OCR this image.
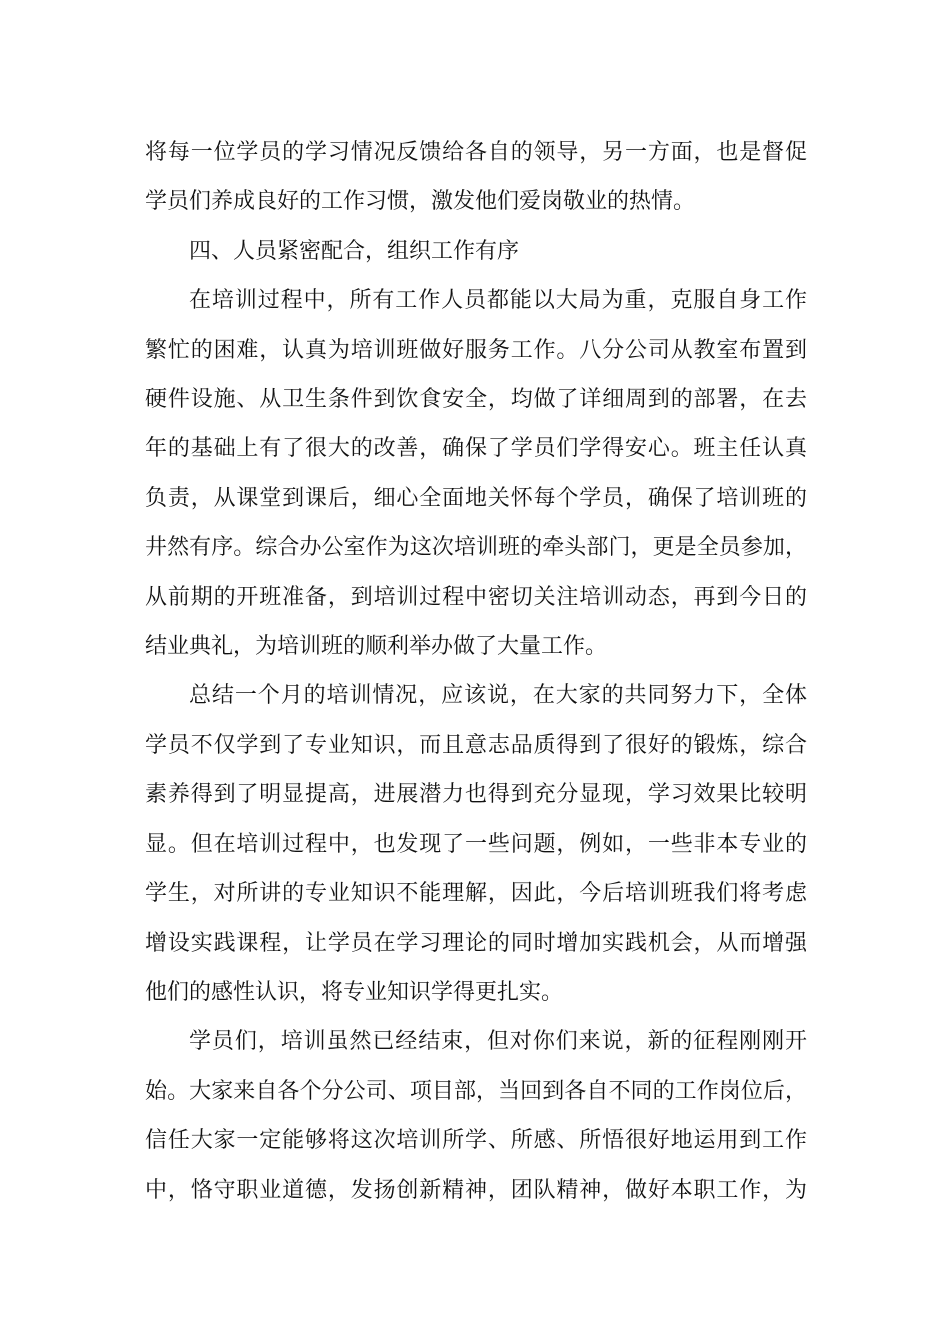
将每一位学员的学习情况反馈给各自的领导，另一方面，也是督促
学员们养成良好的工作习惯，激发他们爱岗敬业的热情。

四、人员紧密配合，组织工作有序

在培训过程中，所有工作人员都能以大局为重，克服自身工作
繁忙的困难，认真为培训班做好服务工作。八分公司从教室布置到
硬件设施、从卫生条件到饮食安全，均做了详细周到的部署，在去
年的基础上有了很大的改善，确保了学员们学得安心。班主任认真
负责，从课堂到课后，细心全面地关怀每个学员，确保了培训班的
井然有序。综合办公室作为这次培训班的牵头部门，更是全员参加，
从前期的开班准备，到培训过程中密切关注培训动态，再到今日的
结业典礼，为培训班的顺利举办做了大量工作。

总结一个月的培训情况，应该说，在大家的共同努力下，全体
学员不仅学到了专业知识，而且意志品质得到了很好的锻炼，综合
素养得到了明显提高，进展潜力也得到充分显现，学习效果比较明
显。但在培训过程中，也发现了一些问题，例如，一些非本专业的
学生，对所讲的专业知识不能理解，因此，今后培训班我们将考虑
增设实践课程，让学员在学习理论的同时增加实践机会，从而增强
他们的感性认识，将专业知识学得更扎实。

学员们，培训虽然已经结束，但对你们来说，新的征程刚刚开
始。大家来自各个分公司、项目部，当回到各自不同的工作岗位后，
信任大家一定能够将这次培训所学、所感、所悟很好地运用到工作
中，恪守职业道德，发扬创新精神，团队精神，做好本职工作，为
